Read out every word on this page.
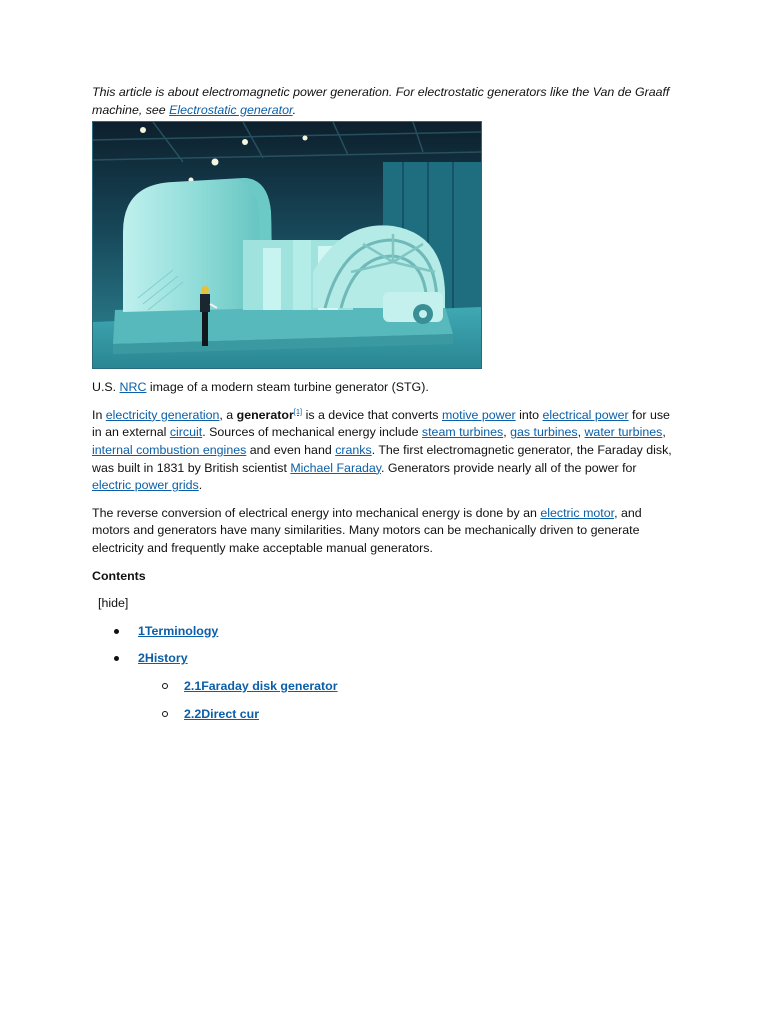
This article is about electromagnetic power generation. For electrostatic generators like the Van de Graaff machine, see Electrostatic generator.
U.S. NRC image of a modern steam turbine generator (STG).

In electricity generation, a generator[1] is a device that converts motive power into electrical power for use in an external circuit. Sources of mechanical energy include steam turbines, gas turbines, water turbines, internal combustion engines and even hand cranks. The first electromagnetic generator, the Faraday disk, was built in 1831 by British scientist Michael Faraday. Generators provide nearly all of the power for electric power grids.

The reverse conversion of electrical energy into mechanical energy is done by an electric motor, and motors and generators have many similarities. Many motors can be mechanically driven to generate electricity and frequently make acceptable manual generators.

Contents
[hide]
1Terminology
2History
2.1Faraday disk generator
2.2Direct cur
